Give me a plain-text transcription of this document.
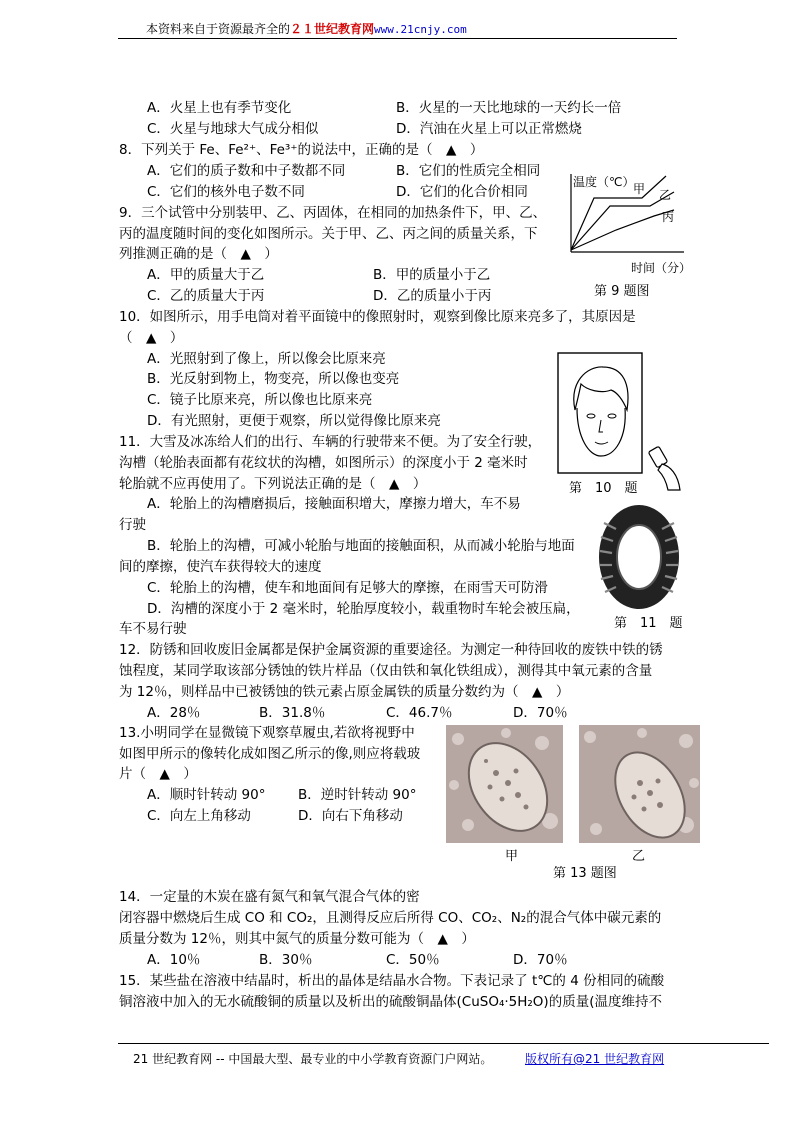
本资料来自于资源最齐全的２１世纪教育网www.21cnjy.com
A．火星上也有季节变化	B．火星的一天比地球的一天约长一倍
C．火星与地球大气成分相似	D．汽油在火星上可以正常燃烧
8．下列关于 Fe、Fe²⁺、Fe³⁺的说法中，正确的是（　▲　）
A．它们的质子数和中子数都不同	B．它们的性质完全相同
C．它们的核外电子数不同	D．它们的化合价相同
9．三个试管中分别装甲、乙、丙固体，在相同的加热条件下，甲、乙、
丙的温度随时间的变化如图所示。关于甲、乙、丙之间的质量关系，下
列推测正确的是（　▲　）
A．甲的质量大于乙	B．甲的质量小于乙
C．乙的质量大于丙	D．乙的质量小于丙
10．如图所示，用手电筒对着平面镜中的像照射时，观察到像比原来亮多了，其原因是
（　▲　）
A．光照射到了像上，所以像会比原来亮
B．光反射到物上，物变亮，所以像也变亮
C．镜子比原来亮，所以像也比原来亮
D．有光照射，更便于观察，所以觉得像比原来亮
11．大雪及冰冻给人们的出行、车辆的行驶带来不便。为了安全行驶，
沟槽（轮胎表面都有花纹状的沟槽，如图所示）的深度小于 2 毫米时
轮胎就不应再使用了。下列说法正确的是（　▲　）
A．轮胎上的沟槽磨损后，接触面积增大，摩擦力增大，车不易
行驶
B．轮胎上的沟槽，可减小轮胎与地面的接触面积，从而减小轮胎与地面
间的摩擦，使汽车获得较大的速度
C．轮胎上的沟槽，使车和地面间有足够大的摩擦，在雨雪天可防滑
D．沟槽的深度小于 2 毫米时，轮胎厚度较小，载重物时车轮会被压扁，
车不易行驶
12．防锈和回收废旧金属都是保护金属资源的重要途径。为测定一种待回收的废铁中铁的锈
蚀程度，某同学取该部分锈蚀的铁片样品（仅由铁和氧化铁组成），测得其中氧元素的含量
为 12％，则样品中已被锈蚀的铁元素占原金属铁的质量分数约为（　▲　）
A．28％	B．31.8％	C．46.7％	D．70％
13.小明同学在显微镜下观察草履虫,若欲将视野中
如图甲所示的像转化成如图乙所示的像,则应将载玻
片（　▲　）
A．顺时针转动 90° B．逆时针转动 90°
C．向左上角移动	D．向右下角移动
14．一定量的木炭在盛有氮气和氧气混合气体的密
闭容器中燃烧后生成 CO 和 CO₂，且测得反应后所得 CO、CO₂、N₂的混合气体中碳元素的
质量分数为 12％，则其中氮气的质量分数可能为（　▲　）
A．10％	B．30％	C．50％	D．70％
15．某些盐在溶液中结晶时，析出的晶体是结晶水合物。下表记录了 t℃的 4 份相同的硫酸
铜溶液中加入的无水硫酸铜的质量以及析出的硫酸铜晶体(CuSO₄·5H₂O)的质量(温度维持不
温度（℃）
时间（分）
甲 乙
丙
第 9 题图
第　10　题
第　11　题
甲	乙
第 13 题图
21 世纪教育网 -- 中国最大型、最专业的中小学教育资源门户网站。	版权所有@21 世纪教育网
